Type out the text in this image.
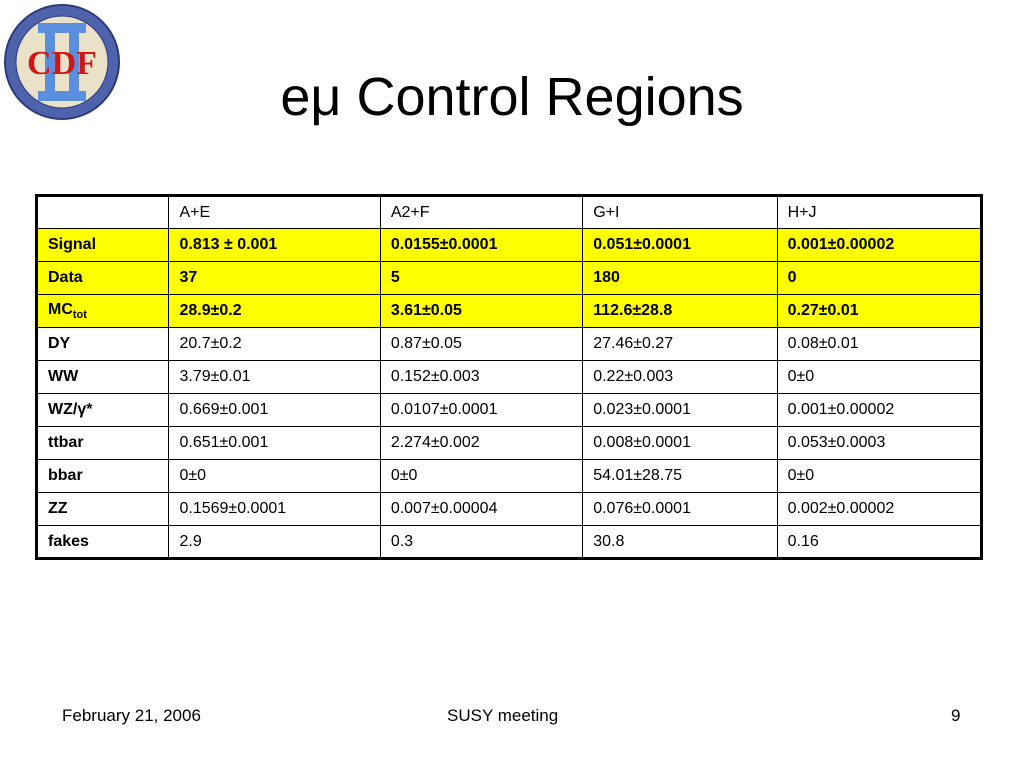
CDF
eμ Control Regions
	A+E	A2+F	G+I	H+J
Signal	0.813 ± 0.001	0.0155±0.0001	0.051±0.0001	0.001±0.00002
Data	37	5	180	0
$MC_{tot}$	28.9±0.2	3.61±0.05	112.6±28.8	0.27±0.01
DY	20.7±0.2	0.87±0.05	27.46±0.27	0.08±0.01
WW	3.79±0.01	0.152±0.003	0.22±0.003	0±0
WZ/γ*	0.669±0.001	0.0107±0.0001	0.023±0.0001	0.001±0.00002
ttbar	0.651±0.001	2.274±0.002	0.008±0.0001	0.053±0.0003
bbar	0±0	0±0	54.01±28.75	0±0
ZZ	0.1569±0.0001	0.007±0.00004	0.076±0.0001	0.002±0.00002
fakes	2.9	0.3	30.8	0.16
February 21, 2006	SUSY meeting	9
